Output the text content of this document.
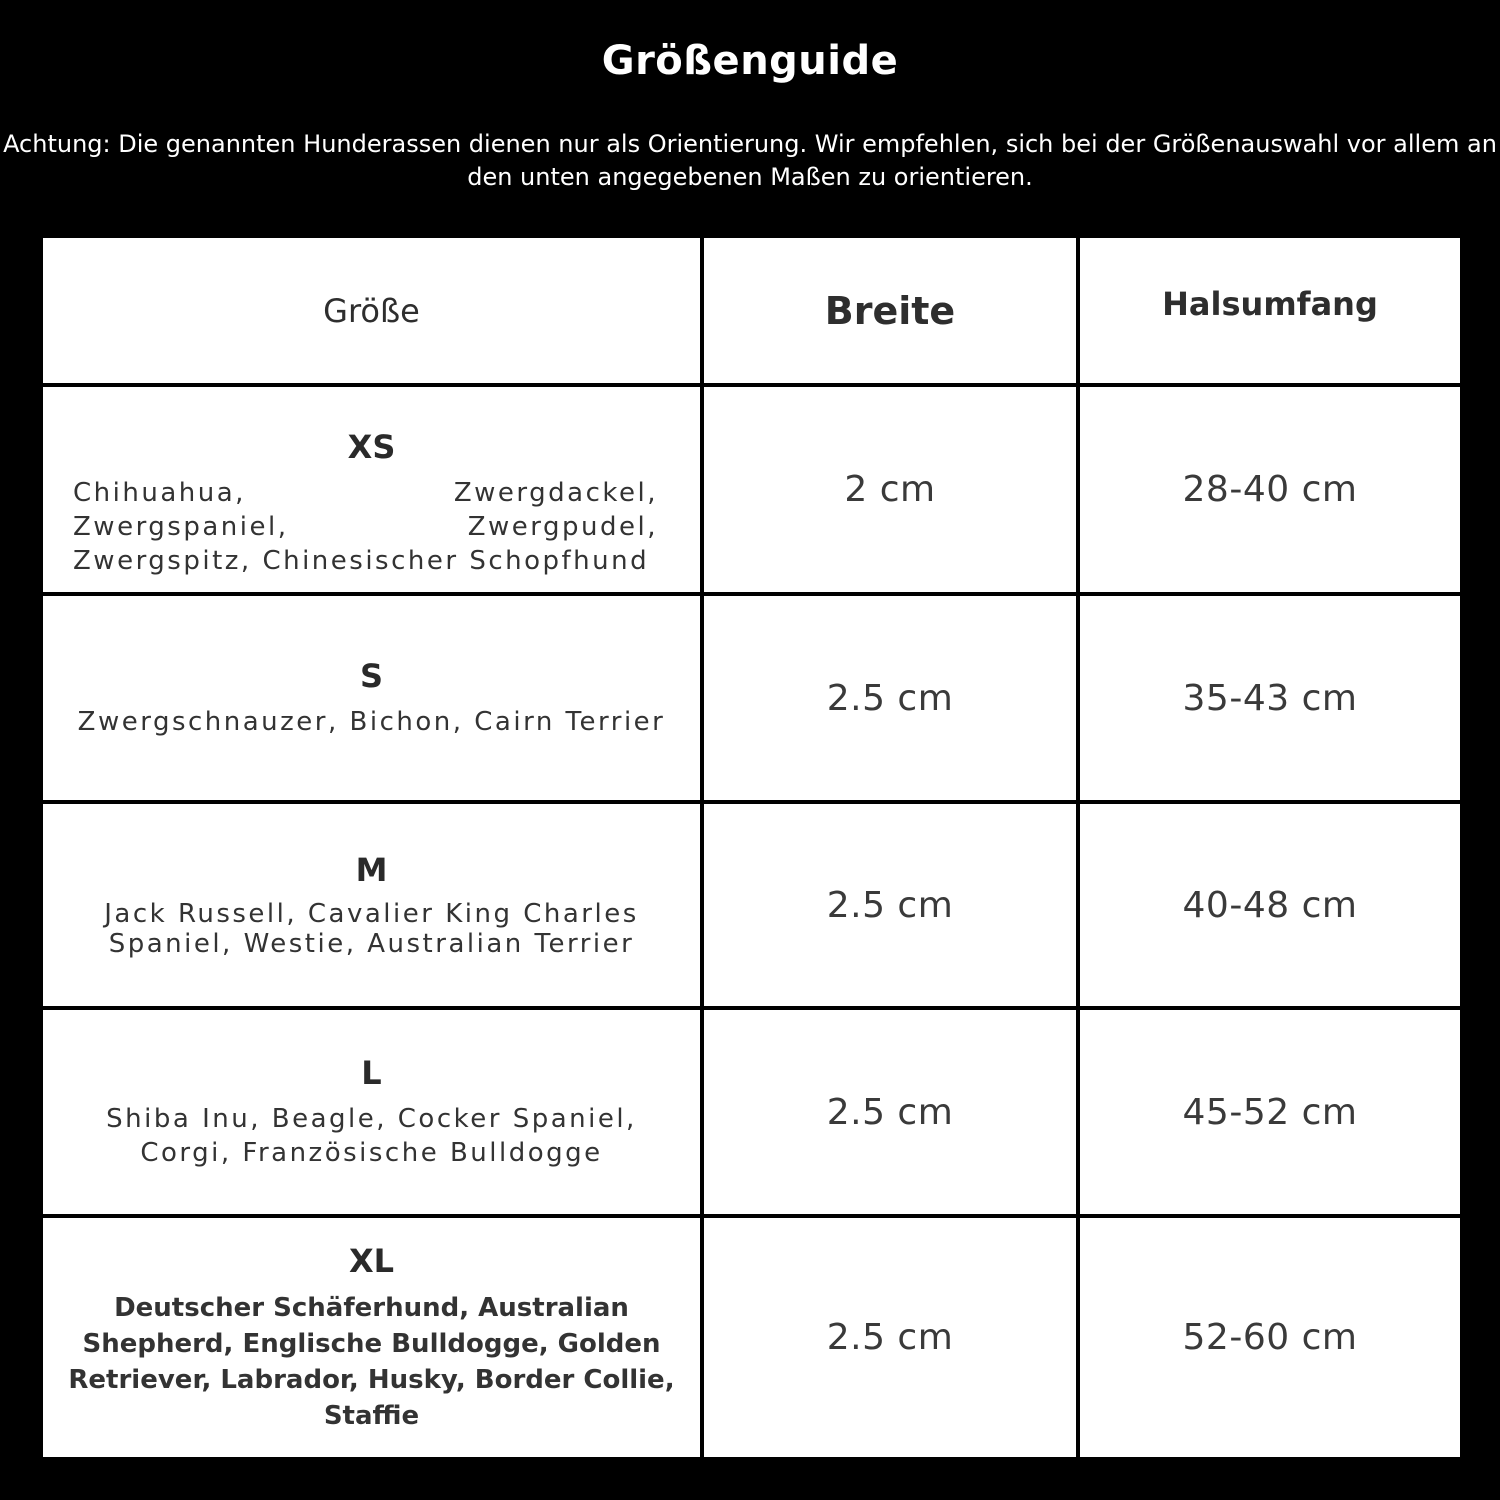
Größenguide
Achtung: Die genannten Hunderassen dienen nur als Orientierung. Wir empfehlen, sich bei der Größenauswahl vor allem an den unten angegebenen Maßen zu orientieren.
Größe	Breite	Halsumfang
XS
Chihuahua, Zwergdackel, Zwergspaniel, Zwergpudel, Zwergspitz, Chinesischer Schopfhund
2 cm	28-40 cm
S
Zwergschnauzer, Bichon, Cairn Terrier
2.5 cm	35-43 cm
M
Jack Russell, Cavalier King Charles Spaniel, Westie, Australian Terrier
2.5 cm	40-48 cm
L
Shiba Inu, Beagle, Cocker Spaniel, Corgi, Französische Bulldogge
2.5 cm	45-52 cm
XL
Deutscher Schäferhund, Australian Shepherd, Englische Bulldogge, Golden Retriever, Labrador, Husky, Border Collie, Staffie
2.5 cm	52-60 cm
